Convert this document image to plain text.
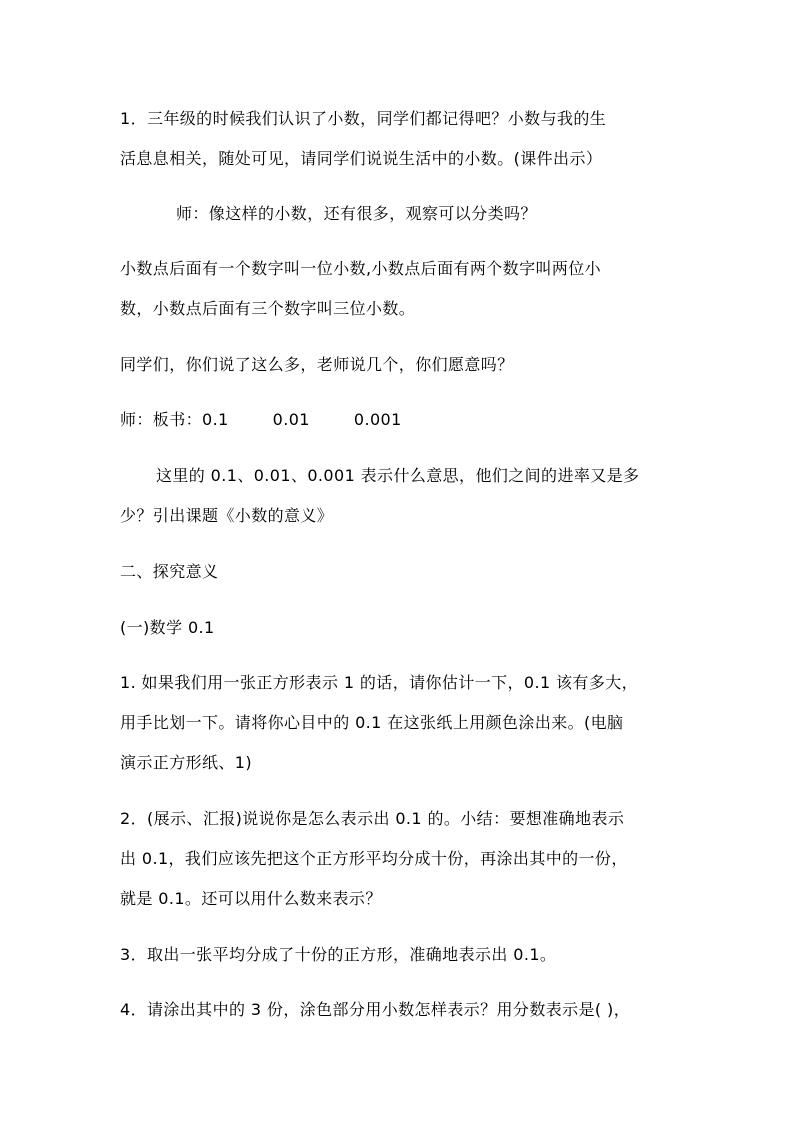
1．三年级的时候我们认识了小数，同学们都记得吧？小数与我的生
活息息相关，随处可见，请同学们说说生活中的小数。(课件出示）
师：像这样的小数，还有很多，观察可以分类吗？
小数点后面有一个数字叫一位小数,小数点后面有两个数字叫两位小
数，小数点后面有三个数字叫三位小数。
同学们，你们说了这么多，老师说几个，你们愿意吗？
师：板书：0.1	0.01	0.001
这里的 0.1、0.01、0.001 表示什么意思，他们之间的进率又是多
少？引出课题《小数的意义》
二、探究意义
(一)数学 0.1
1. 如果我们用一张正方形表示 1 的话，请你估计一下，0.1 该有多大，
用手比划一下。请将你心目中的 0.1 在这张纸上用颜色涂出来。(电脑
演示正方形纸、1)
2．(展示、汇报)说说你是怎么表示出 0.1 的。小结：要想准确地表示
出 0.1，我们应该先把这个正方形平均分成十份，再涂出其中的一份，
就是 0.1。还可以用什么数来表示？
3．取出一张平均分成了十份的正方形，准确地表示出 0.1。
4．请涂出其中的 3 份，涂色部分用小数怎样表示？用分数表示是( )，
